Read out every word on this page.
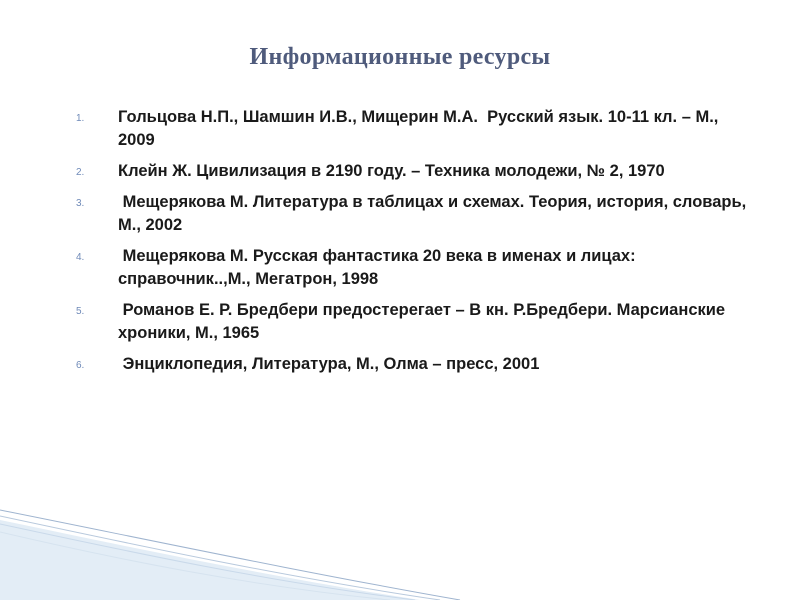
Информационные ресурсы
1.	Гольцова Н.П., Шамшин И.В., Мищерин М.А.  Русский язык. 10-11 кл. – М., 2009
2.	Клейн Ж. Цивилизация в 2190 году. – Техника молодежи, № 2, 1970
3.	Мещерякова М. Литература в таблицах и схемах. Теория, история, словарь, М., 2002
4.	Мещерякова М. Русская фантастика 20 века в именах и лицах: справочник..,М., Мегатрон, 1998
5.	Романов Е. Р. Бредбери предостерегает – В кн. Р.Бредбери. Марсианские хроники, М., 1965
6.	Энциклопедия, Литература, М., Олма – пресс, 2001
